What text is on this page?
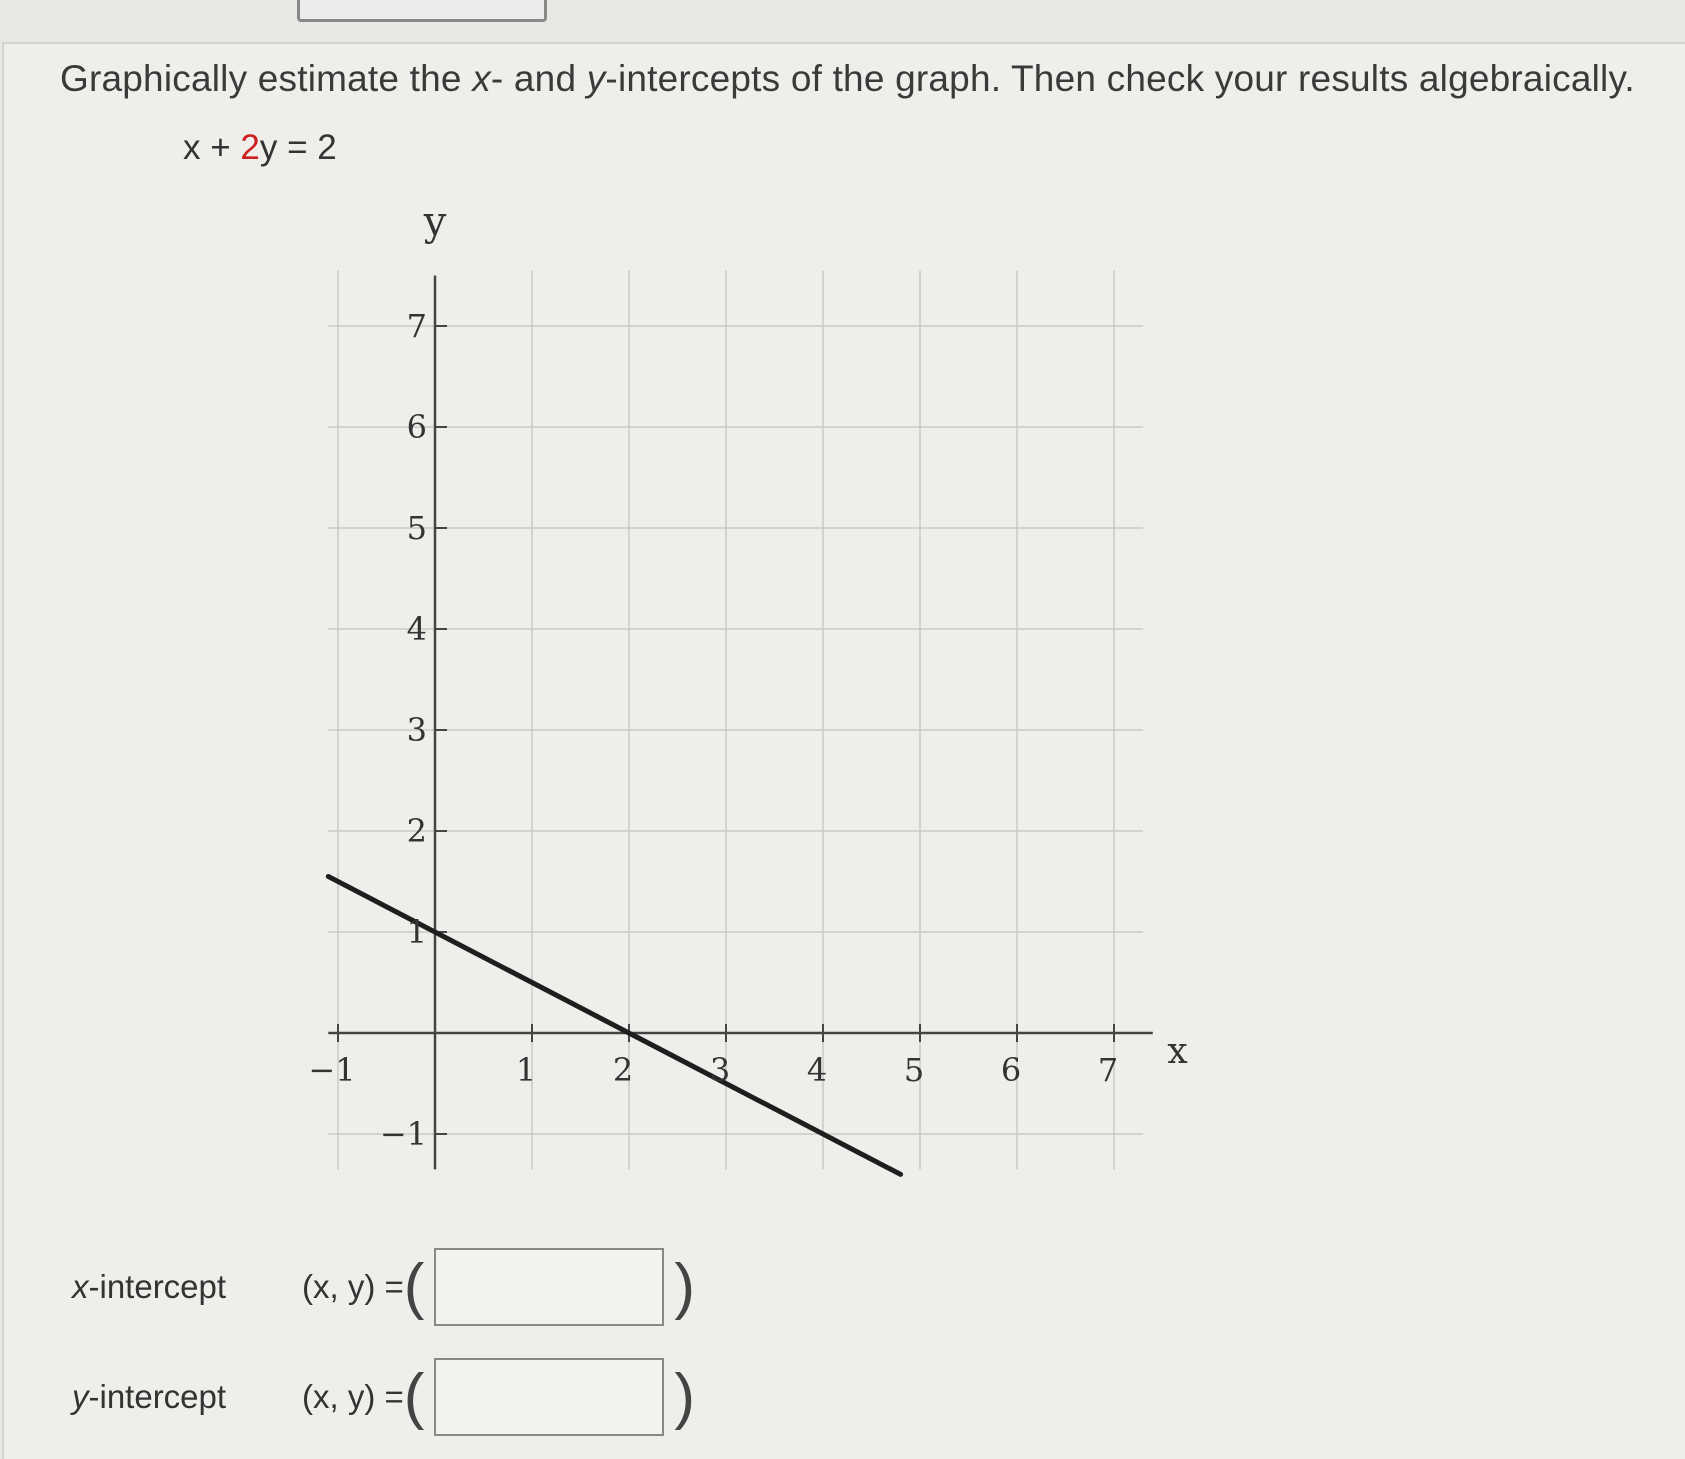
Graphically estimate the x- and y-intercepts of the graph. Then check your results algebraically.
x + 2y = 2
−1	1 2 3 4 5 6 7
7
6
5
4
3
2
1
−1
x
y
x-intercept	(x, y) = (	)
y-intercept	(x, y) = (	)
